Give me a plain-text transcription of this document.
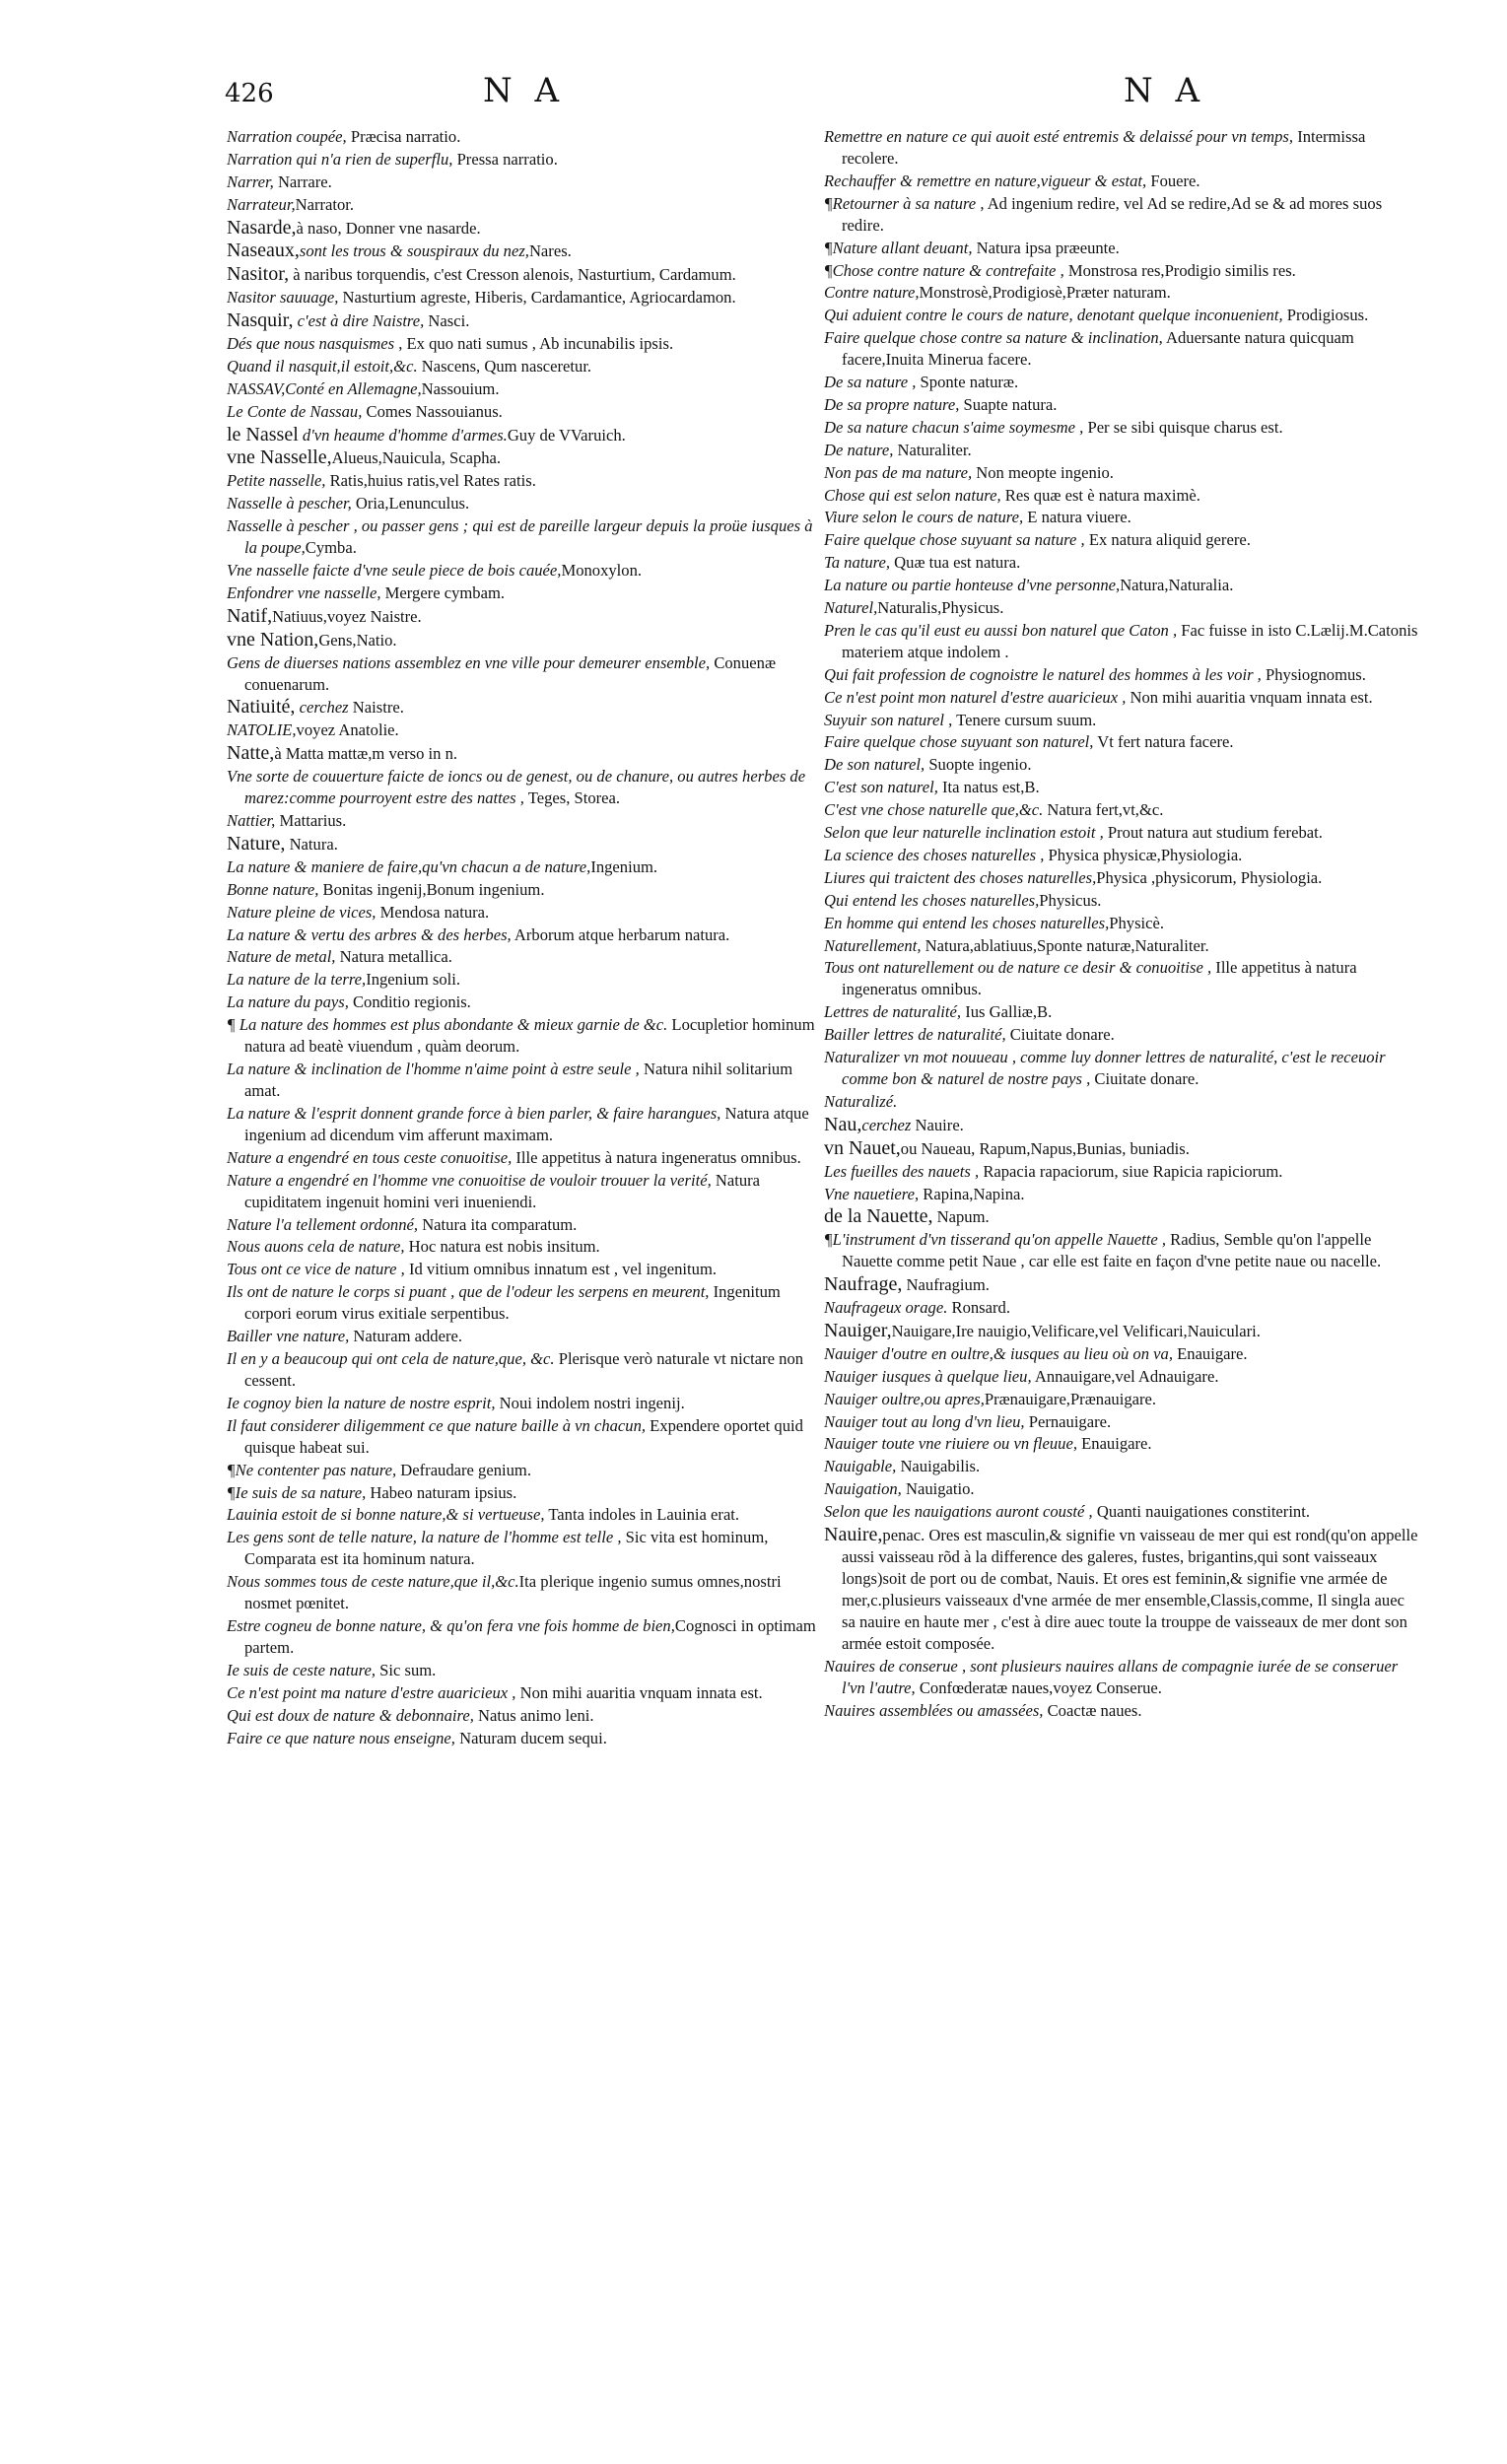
426	N A	N A
Narration coupée, Præcisa narratio.
Narration qui n'a rien de superflu, Pressa narratio.
Narrer, Narrare.
Narrateur,Narrator.
Nasarde,à naso, Donner vne nasarde.
Naseaux,sont les trous & souspiraux du nez,Nares.
Nasitor, à naribus torquendis, c'est Cresson alenois, Nasturtium, Cardamum.
Nasitor sauuage, Nasturtium agreste, Hiberis, Cardamantice, Agriocardamon.
Nasquir, c'est à dire Naistre, Nasci.
Dés que nous nasquismes , Ex quo nati sumus , Ab incunabilis ipsis.
Quand il nasquit,il estoit,&c. Nascens, Qum nasceretur.
NASSAV,Conté en Allemagne,Nassouium.
Le Conte de Nassau, Comes Nassouianus.
le Nassel d'vn heaume d'homme d'armes.Guy de VVaruich.
vne Nasselle,Alueus,Nauicula, Scapha.
Petite nasselle, Ratis,huius ratis,vel Rates ratis.
Nasselle à pescher, Oria,Lenunculus.
Nasselle à pescher , ou passer gens ; qui est de pareille largeur depuis la proüe iusques à la poupe,Cymba.
Vne nasselle faicte d'vne seule piece de bois cauée,Monoxylon.
Enfondrer vne nasselle, Mergere cymbam.
Natif,Natiuus,voyez Naistre.
vne Nation,Gens,Natio.
Gens de diuerses nations assemblez en vne ville pour demeurer ensemble, Conuenæ conuenarum.
Natiuité, cerchez Naistre.
NATOLIE,voyez Anatolie.
Natte,à Matta mattæ,m verso in n.
Vne sorte de couuerture faicte de ioncs ou de genest, ou de chanure, ou autres herbes de marez:comme pourroyent estre des nattes , Teges, Storea.
Nattier, Mattarius.
Nature, Natura.
La nature & maniere de faire,qu'vn chacun a de nature,Ingenium.
Bonne nature, Bonitas ingenij,Bonum ingenium.
Nature pleine de vices, Mendosa natura.
La nature & vertu des arbres & des herbes, Arborum atque herbarum natura.
Nature de metal, Natura metallica.
La nature de la terre,Ingenium soli.
La nature du pays, Conditio regionis.
¶ La nature des hommes est plus abondante & mieux garnie de &c. Locupletior hominum natura ad beatè viuendum , quàm deorum.
La nature & inclination de l'homme n'aime point à estre seule , Natura nihil solitarium amat.
La nature & l'esprit donnent grande force à bien parler, & faire harangues, Natura atque ingenium ad dicendum vim afferunt maximam.
Nature a engendré en tous ceste conuoitise, Ille appetitus à natura ingeneratus omnibus.
Nature a engendré en l'homme vne conuoitise de vouloir trouuer la verité, Natura cupiditatem ingenuit homini veri inueniendi.
Nature l'a tellement ordonné, Natura ita comparatum.
Nous auons cela de nature, Hoc natura est nobis insitum.
Tous ont ce vice de nature , Id vitium omnibus innatum est , vel ingenitum.
Ils ont de nature le corps si puant , que de l'odeur les serpens en meurent, Ingenitum corpori eorum virus exitiale serpentibus.
Bailler vne nature, Naturam addere.
Il en y a beaucoup qui ont cela de nature,que, &c. Plerisque verò naturale vt nictare non cessent.
Ie cognoy bien la nature de nostre esprit, Noui indolem nostri ingenij.
Il faut considerer diligemment ce que nature baille à vn chacun, Expendere oportet quid quisque habeat sui.
¶Ne contenter pas nature, Defraudare genium.
¶Ie suis de sa nature, Habeo naturam ipsius.
Lauinia estoit de si bonne nature,& si vertueuse, Tanta indoles in Lauinia erat.
Les gens sont de telle nature, la nature de l'homme est telle , Sic vita est hominum, Comparata est ita hominum natura.
Nous sommes tous de ceste nature,que il,&c.Ita plerique ingenio sumus omnes,nostri nosmet pœnitet.
Estre cogneu de bonne nature, & qu'on fera vne fois homme de bien,Cognosci in optimam partem.
Ie suis de ceste nature, Sic sum.
Ce n'est point ma nature d'estre auaricieux , Non mihi auaritia vnquam innata est.
Qui est doux de nature & debonnaire, Natus animo leni.
Faire ce que nature nous enseigne, Naturam ducem sequi.
Remettre en nature ce qui auoit esté entremis & delaissé pour vn temps, Intermissa recolere.
Rechauffer & remettre en nature,vigueur & estat, Fouere.
¶Retourner à sa nature , Ad ingenium redire, vel Ad se redire,Ad se & ad mores suos redire.
¶Nature allant deuant, Natura ipsa præeunte.
¶Chose contre nature & contrefaite , Monstrosa res,Prodigio similis res.
Contre nature,Monstrosè,Prodigiosè,Præter naturam.
Qui aduient contre le cours de nature, denotant quelque inconuenient, Prodigiosus.
Faire quelque chose contre sa nature & inclination, Aduersante natura quicquam facere,Inuita Minerua facere.
De sa nature , Sponte naturæ.
De sa propre nature, Suapte natura.
De sa nature chacun s'aime soymesme , Per se sibi quisque charus est.
De nature, Naturaliter.
Non pas de ma nature, Non meopte ingenio.
Chose qui est selon nature, Res quæ est è natura maximè.
Viure selon le cours de nature, E natura viuere.
Faire quelque chose suyuant sa nature , Ex natura aliquid gerere.
Ta nature, Quæ tua est natura.
La nature ou partie honteuse d'vne personne,Natura,Naturalia.
Naturel,Naturalis,Physicus.
Pren le cas qu'il eust eu aussi bon naturel que Caton , Fac fuisse in isto C.Lælij.M.Catonis materiem atque indolem .
Qui fait profession de cognoistre le naturel des hommes à les voir , Physiognomus.
Ce n'est point mon naturel d'estre auaricieux , Non mihi auaritia vnquam innata est.
Suyuir son naturel , Tenere cursum suum.
Faire quelque chose suyuant son naturel, Vt fert natura facere.
De son naturel, Suopte ingenio.
C'est son naturel, Ita natus est,B.
C'est vne chose naturelle que,&c. Natura fert,vt,&c.
Selon que leur naturelle inclination estoit , Prout natura aut studium ferebat.
La science des choses naturelles , Physica physicæ,Physiologia.
Liures qui traictent des choses naturelles,Physica ,physicorum, Physiologia.
Qui entend les choses naturelles,Physicus.
En homme qui entend les choses naturelles,Physicè.
Naturellement, Natura,ablatiuus,Sponte naturæ,Naturaliter.
Tous ont naturellement ou de nature ce desir & conuoitise , Ille appetitus à natura ingeneratus omnibus.
Lettres de naturalité, Ius Galliæ,B.
Bailler lettres de naturalité, Ciuitate donare.
Naturalizer vn mot nouueau , comme luy donner lettres de naturalité, c'est le receuoir comme bon & naturel de nostre pays , Ciuitate donare.
Naturalizé.
Nau,cerchez Nauire.
vn Nauet,ou Naueau, Rapum,Napus,Bunias, buniadis.
Les fueilles des nauets , Rapacia rapaciorum, siue Rapicia rapiciorum.
Vne nauetiere, Rapina,Napina.
de la Nauette, Napum.
¶L'instrument d'vn tisserand qu'on appelle Nauette , Radius, Semble qu'on l'appelle Nauette comme petit Naue , car elle est faite en façon d'vne petite naue ou nacelle.
Naufrage, Naufragium.
Naufrageux orage. Ronsard.
Nauiger,Nauigare,Ire nauigio,Velificare,vel Velificari,Nauiculari.
Nauiger d'outre en oultre,& iusques au lieu où on va, Enauigare.
Nauiger iusques à quelque lieu, Annauigare,vel Adnauigare.
Nauiger oultre,ou apres,Prænauigare,Prænauigare.
Nauiger tout au long d'vn lieu, Pernauigare.
Nauiger toute vne riuiere ou vn fleuue, Enauigare.
Nauigable, Nauigabilis.
Nauigation, Nauigatio.
Selon que les nauigations auront cousté , Quanti nauigationes constiterint.
Nauire,penac. Ores est masculin,& signifie vn vaisseau de mer qui est rond(qu'on appelle aussi vaisseau rõd à la difference des galeres, fustes, brigantins,qui sont vaisseaux longs)soit de port ou de combat, Nauis. Et ores est feminin,& signifie vne armée de mer,c.plusieurs vaisseaux d'vne armée de mer ensemble,Classis,comme, Il singla auec sa nauire en haute mer , c'est à dire auec toute la trouppe de vaisseaux de mer dont son armée estoit composée.
Nauires de conserue , sont plusieurs nauires allans de compagnie iurée de se conseruer l'vn l'autre, Confœderatæ naues,voyez Conserue.
Nauires assemblées ou amassées, Coactæ naues.
